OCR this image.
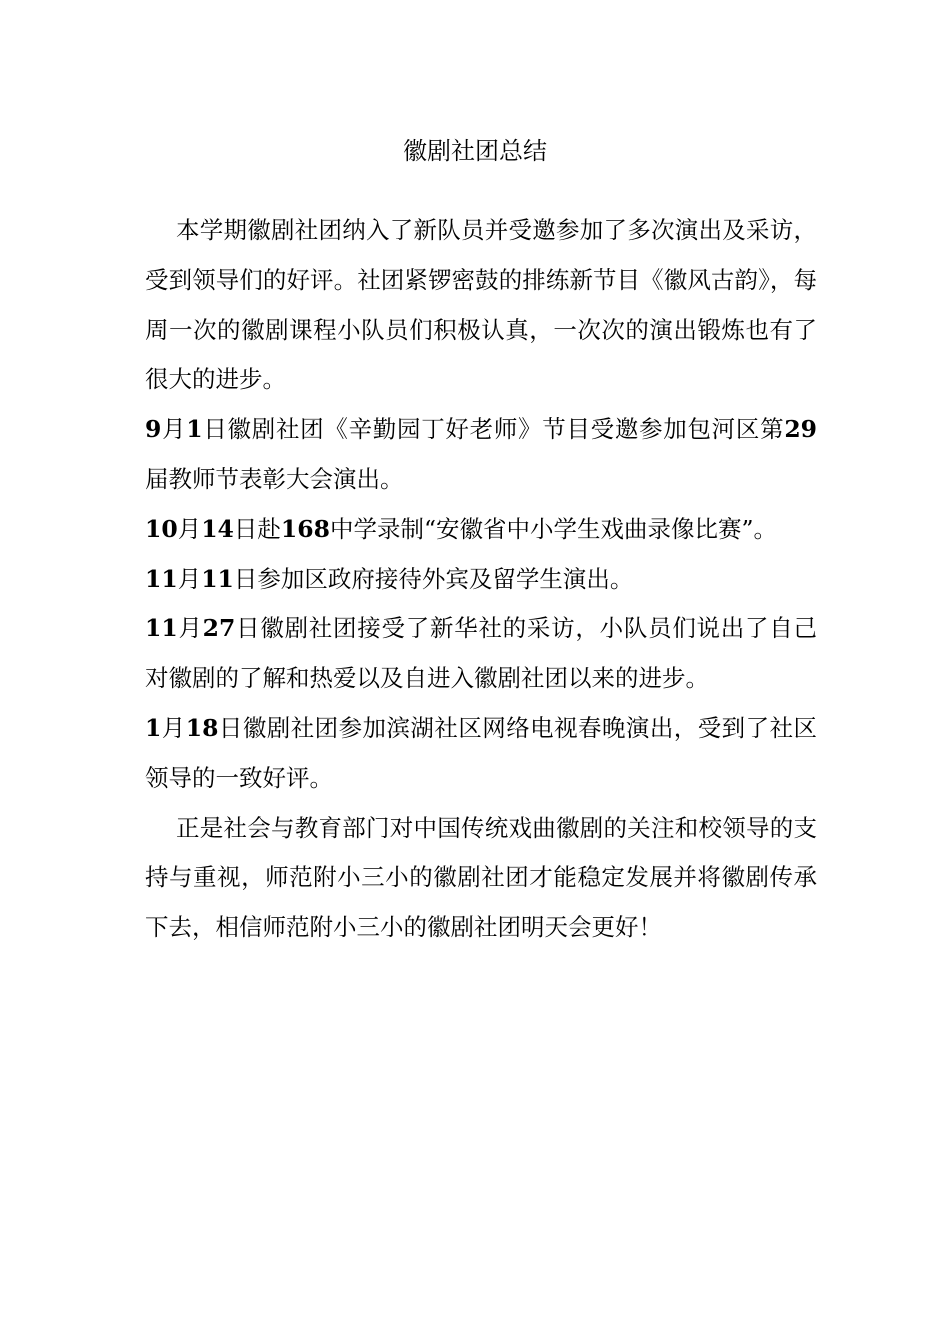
徽剧社团总结

本学期徽剧社团纳入了新队员并受邀参加了多次演出及采访，受到领导们的好评。社团紧锣密鼓的排练新节目《徽风古韵》，每周一次的徽剧课程小队员们积极认真，一次次的演出锻炼也有了很大的进步。

9月1日徽剧社团《辛勤园丁好老师》节目受邀参加包河区第29届教师节表彰大会演出。

10月14日赴168中学录制“安徽省中小学生戏曲录像比赛”。

11月11日参加区政府接待外宾及留学生演出。

11月27日徽剧社团接受了新华社的采访，小队员们说出了自己对徽剧的了解和热爱以及自进入徽剧社团以来的进步。

1月18日徽剧社团参加滨湖社区网络电视春晚演出，受到了社区领导的一致好评。

正是社会与教育部门对中国传统戏曲徽剧的关注和校领导的支持与重视，师范附小三小的徽剧社团才能稳定发展并将徽剧传承下去，相信师范附小三小的徽剧社团明天会更好！
